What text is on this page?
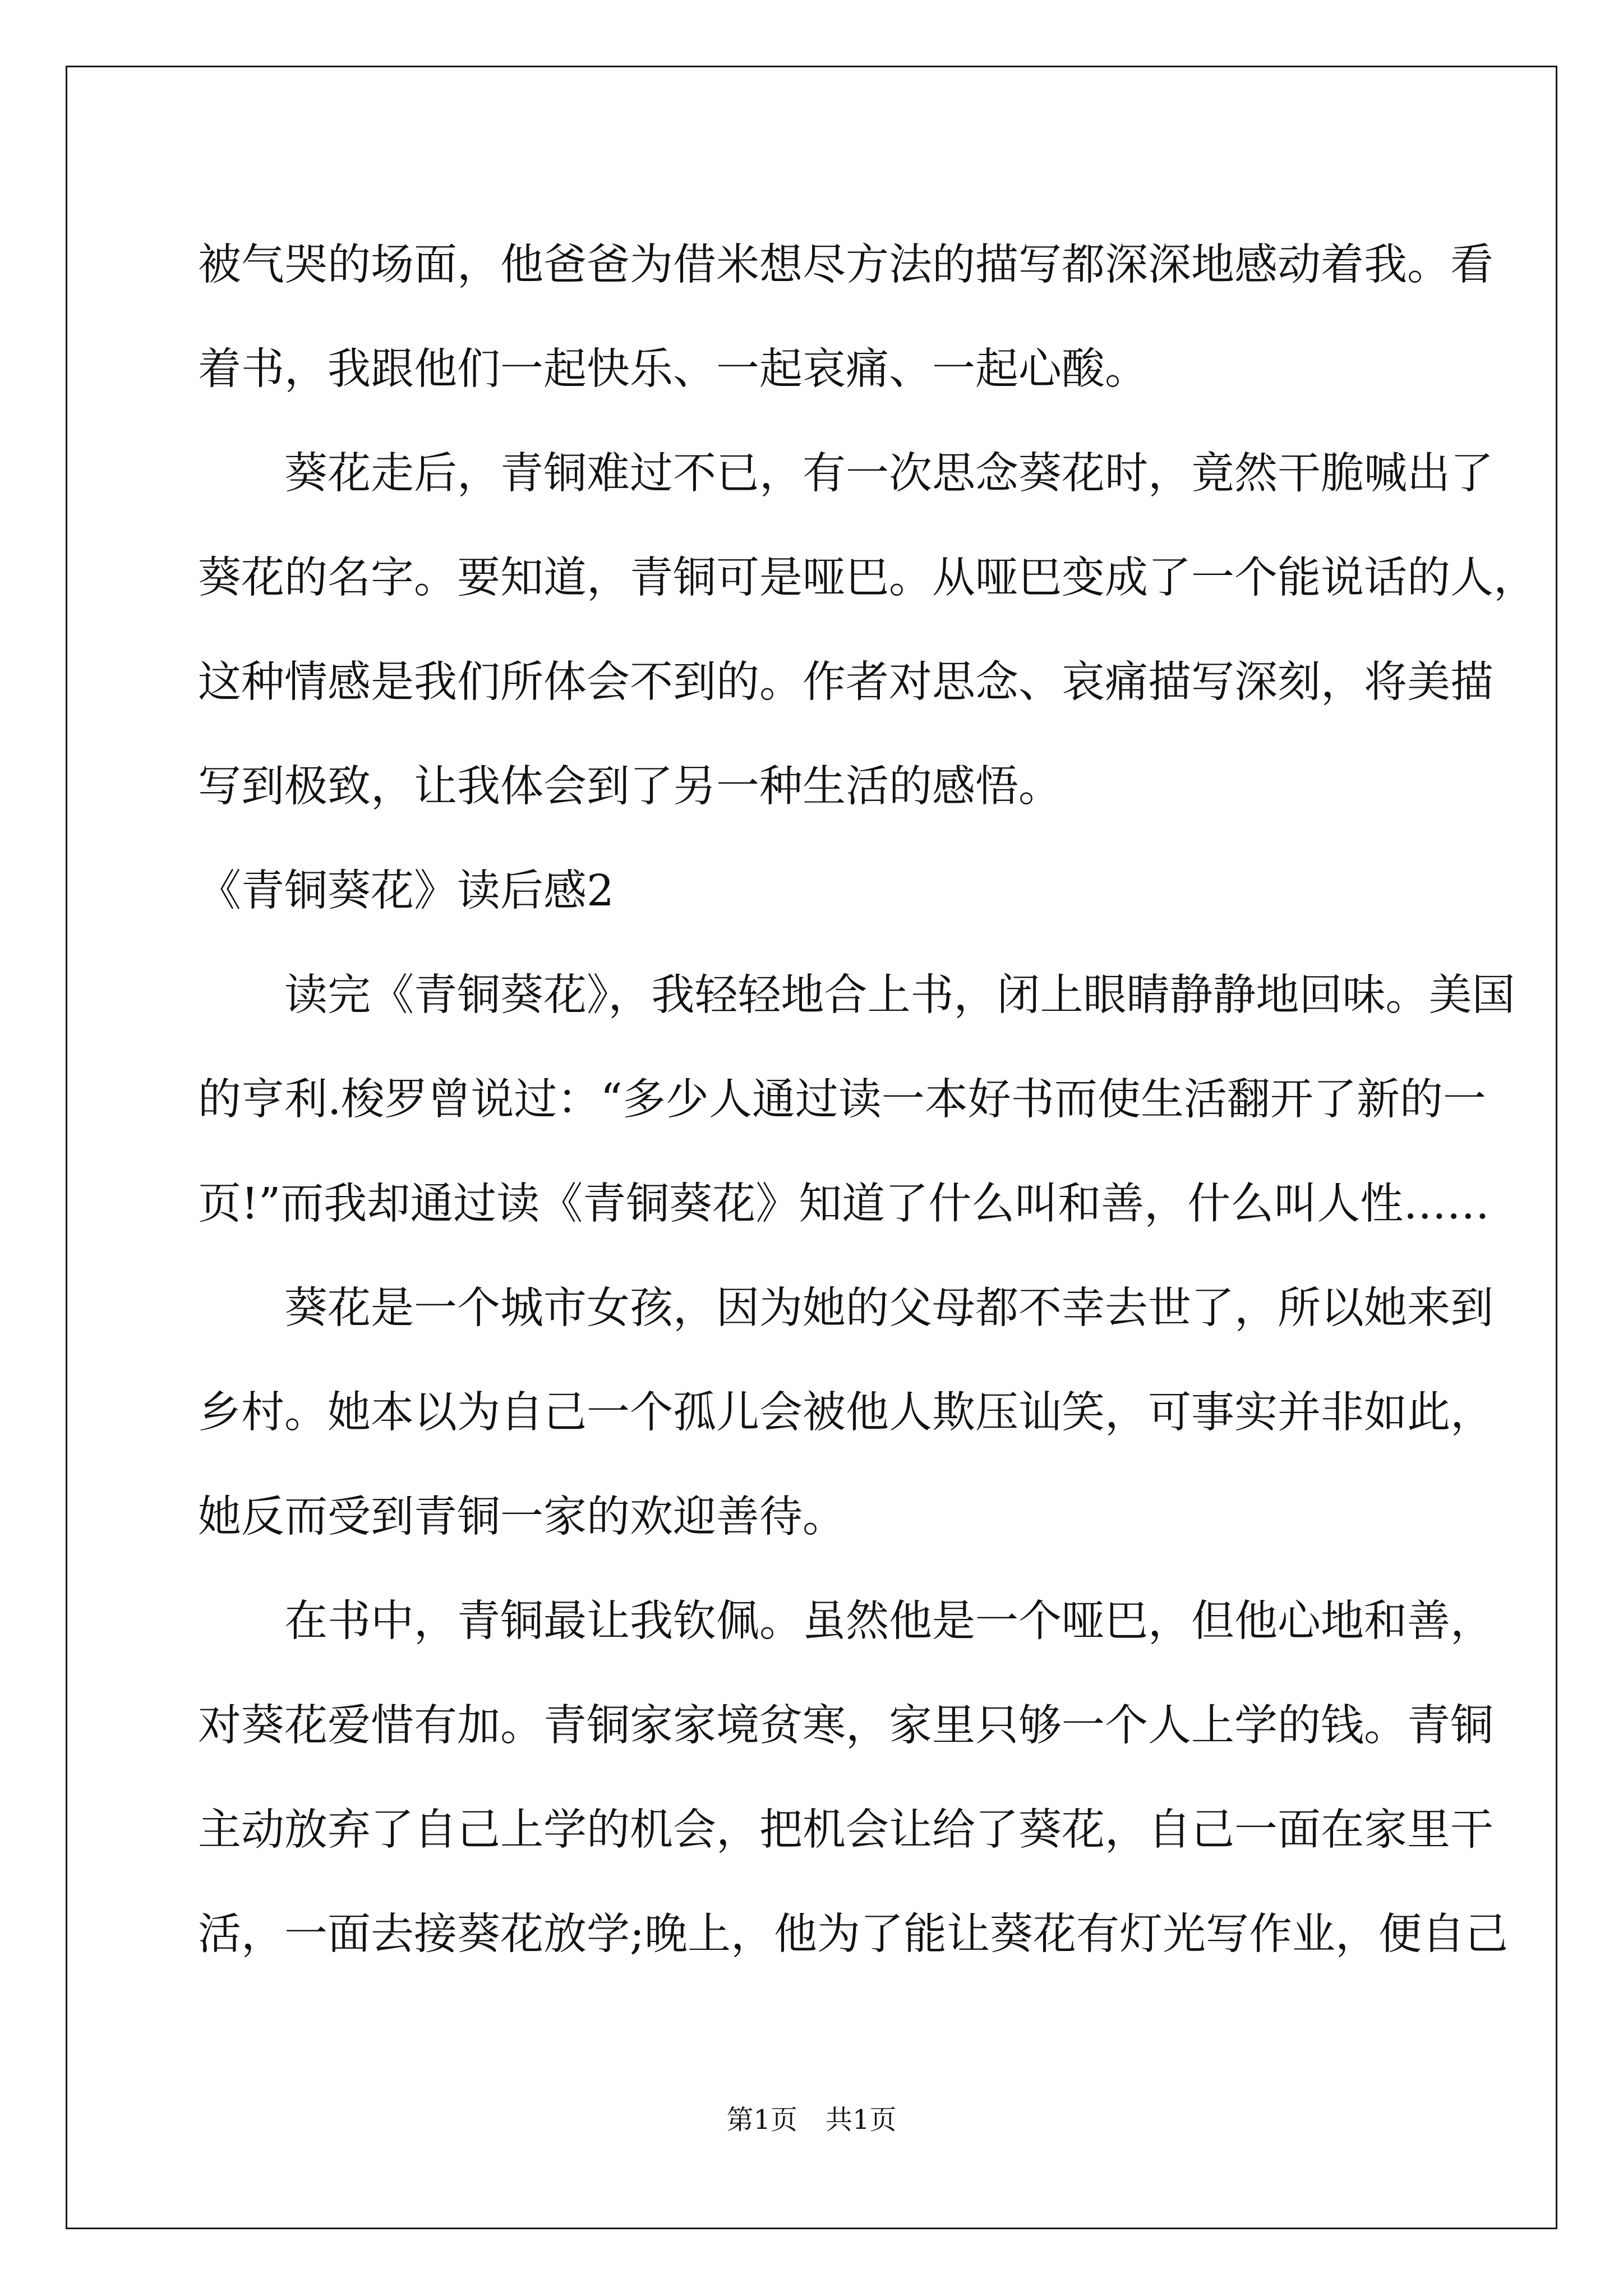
被气哭的场面，他爸爸为借米想尽方法的描写都深深地感动着我。看
着书，我跟他们一起快乐、一起哀痛、一起心酸。
葵花走后，青铜难过不已，有一次思念葵花时，竟然干脆喊出了
葵花的名字。要知道，青铜可是哑巴。从哑巴变成了一个能说话的人，
这种情感是我们所体会不到的。作者对思念、哀痛描写深刻，将美描
写到极致，让我体会到了另一种生活的感悟。
《青铜葵花》读后感2
读完《青铜葵花》，我轻轻地合上书，闭上眼睛静静地回味。美国
的亨利.梭罗曾说过：“多少人通过读一本好书而使生活翻开了新的一
页!”而我却通过读《青铜葵花》知道了什么叫和善，什么叫人性……
葵花是一个城市女孩，因为她的父母都不幸去世了，所以她来到
乡村。她本以为自己一个孤儿会被他人欺压讪笑，可事实并非如此，
她反而受到青铜一家的欢迎善待。
在书中，青铜最让我钦佩。虽然他是一个哑巴，但他心地和善，
对葵花爱惜有加。青铜家家境贫寒，家里只够一个人上学的钱。青铜
主动放弃了自己上学的机会，把机会让给了葵花，自己一面在家里干
活，一面去接葵花放学;晚上，他为了能让葵花有灯光写作业，便自己
第1页 共1页
